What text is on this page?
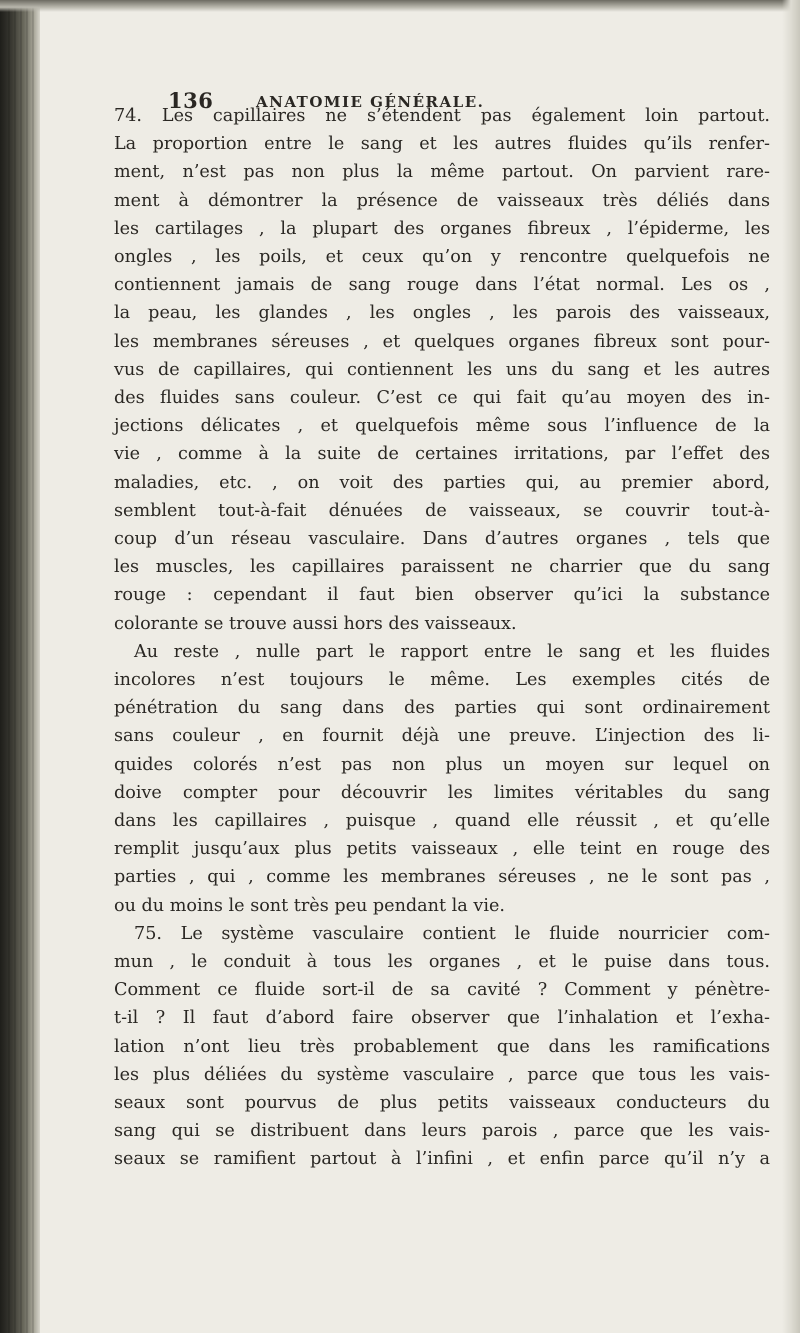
136	ANATOMIE GÉNÉRALE.
74. Les capillaires ne s’étendent pas également loin partout.
La proportion entre le sang et les autres fluides qu’ils renfer-
ment, n’est pas non plus la même partout. On parvient rare-
ment à démontrer la présence de vaisseaux très déliés dans
les cartilages , la plupart des organes fibreux , l’épiderme, les
ongles , les poils, et ceux qu’on y rencontre quelquefois ne
contiennent jamais de sang rouge dans l’état normal. Les os ,
la peau, les glandes , les ongles , les parois des vaisseaux,
les membranes séreuses , et quelques organes fibreux sont pour-
vus de capillaires, qui contiennent les uns du sang et les autres
des fluides sans couleur. C’est ce qui fait qu’au moyen des in-
jections délicates , et quelquefois même sous l’influence de la
vie , comme à la suite de certaines irritations, par l’effet des
maladies, etc. , on voit des parties qui, au premier abord,
semblent tout-à-fait dénuées de vaisseaux, se couvrir tout-à-
coup d’un réseau vasculaire. Dans d’autres organes , tels que
les muscles, les capillaires paraissent ne charrier que du sang
rouge : cependant il faut bien observer qu’ici la substance
colorante se trouve aussi hors des vaisseaux.
Au reste , nulle part le rapport entre le sang et les fluides
incolores n’est toujours le même. Les exemples cités de
pénétration du sang dans des parties qui sont ordinairement
sans couleur , en fournit déjà une preuve. L’injection des li-
quides colorés n’est pas non plus un moyen sur lequel on
doive compter pour découvrir les limites véritables du sang
dans les capillaires , puisque , quand elle réussit , et qu’elle
remplit jusqu’aux plus petits vaisseaux , elle teint en rouge des
parties , qui , comme les membranes séreuses , ne le sont pas ,
ou du moins le sont très peu pendant la vie.
75. Le système vasculaire contient le fluide nourricier com-
mun , le conduit à tous les organes , et le puise dans tous.
Comment ce fluide sort-il de sa cavité ? Comment y pénètre-
t-il ? Il faut d’abord faire observer que l’inhalation et l’exha-
lation n’ont lieu très probablement que dans les ramifications
les plus déliées du système vasculaire , parce que tous les vais-
seaux sont pourvus de plus petits vaisseaux conducteurs du
sang qui se distribuent dans leurs parois , parce que les vais-
seaux se ramifient partout à l’infini , et enfin parce qu’il n’y a
